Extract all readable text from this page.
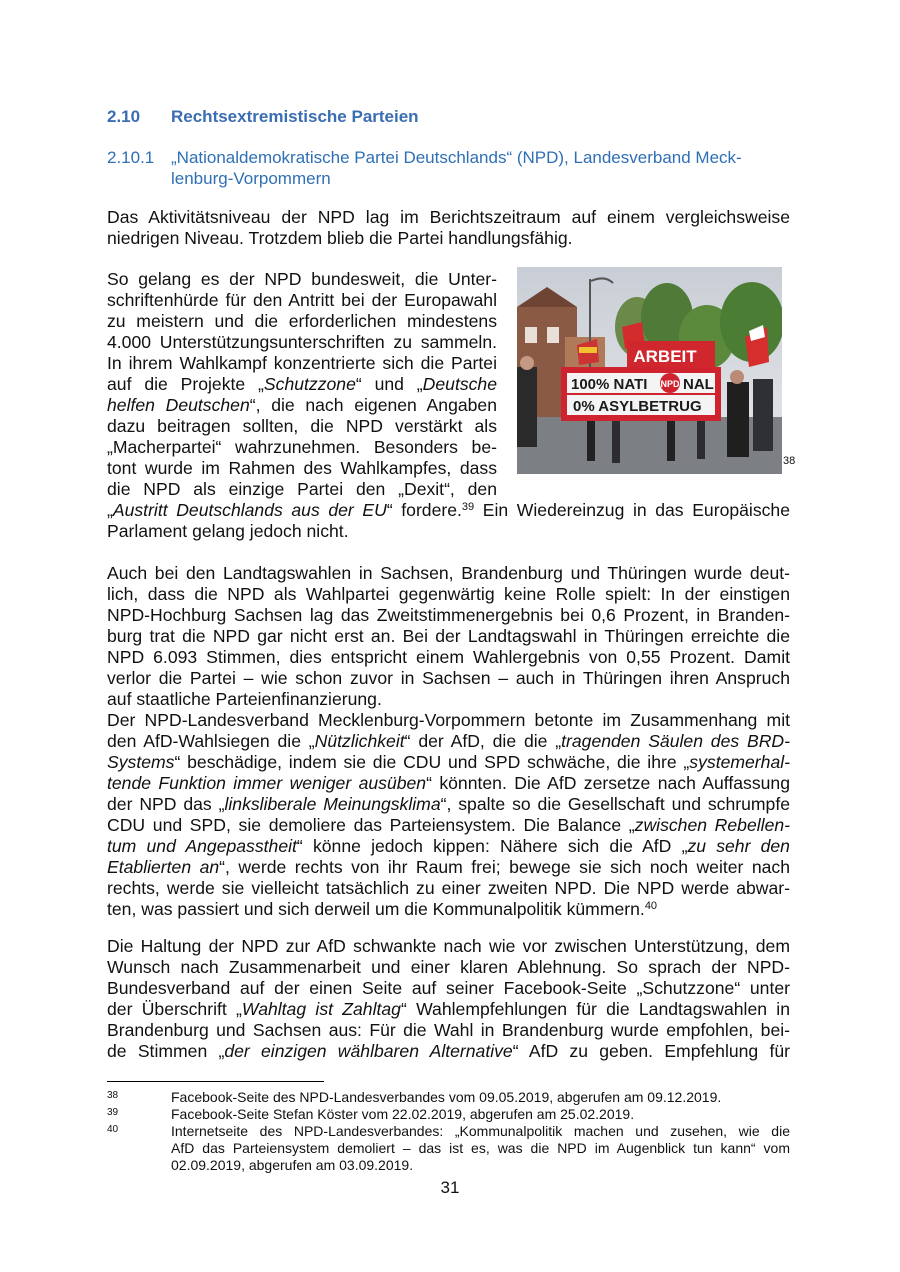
2.10 Rechtsextremistische Parteien
2.10.1 „Nationaldemokratische Partei Deutschlands“ (NPD), Landesverband Meck-
lenburg-Vorpommern
Das Aktivitätsniveau der NPD lag im Berichtszeitraum auf einem vergleichsweise
niedrigen Niveau. Trotzdem blieb die Partei handlungsfähig.
So gelang es der NPD bundesweit, die Unter-
schriftenhürde für den Antritt bei der Europawahl
zu meistern und die erforderlichen mindestens
4.000 Unterstützungsunterschriften zu sammeln.
In ihrem Wahlkampf konzentrierte sich die Partei
auf die Projekte „Schutzzone“ und „Deutsche
helfen Deutschen“, die nach eigenen Angaben
dazu beitragen sollten, die NPD verstärkt als
„Macherpartei“ wahrzunehmen. Besonders be-
tont wurde im Rahmen des Wahlkampfes, dass
die NPD als einzige Partei den „Dexit“, den
„Austritt Deutschlands aus der EU“ fordere.$^{39}$ Ein Wiedereinzug in das Europäische
Parlament gelang jedoch nicht.
ARBEIT
100% NATI NPD NAL
0% ASYLBETRUG
38
Auch bei den Landtagswahlen in Sachsen, Brandenburg und Thüringen wurde deut-
lich, dass die NPD als Wahlpartei gegenwärtig keine Rolle spielt: In der einstigen
NPD-Hochburg Sachsen lag das Zweitstimmenergebnis bei 0,6 Prozent, in Branden-
burg trat die NPD gar nicht erst an. Bei der Landtagswahl in Thüringen erreichte die
NPD 6.093 Stimmen, dies entspricht einem Wahlergebnis von 0,55 Prozent. Damit
verlor die Partei – wie schon zuvor in Sachsen – auch in Thüringen ihren Anspruch
auf staatliche Parteienfinanzierung.
Der NPD-Landesverband Mecklenburg-Vorpommern betonte im Zusammenhang mit
den AfD-Wahlsiegen die „Nützlichkeit“ der AfD, die die „tragenden Säulen des BRD-
Systems“ beschädige, indem sie die CDU und SPD schwäche, die ihre „systemerhal-
tende Funktion immer weniger ausüben“ könnten. Die AfD zersetze nach Auffassung
der NPD das „linksliberale Meinungsklima“, spalte so die Gesellschaft und schrumpfe
CDU und SPD, sie demoliere das Parteiensystem. Die Balance „zwischen Rebellen-
tum und Angepasstheit“ könne jedoch kippen: Nähere sich die AfD „zu sehr den
Etablierten an“, werde rechts von ihr Raum frei; bewege sie sich noch weiter nach
rechts, werde sie vielleicht tatsächlich zu einer zweiten NPD. Die NPD werde abwar-
ten, was passiert und sich derweil um die Kommunalpolitik kümmern.$^{40}$
Die Haltung der NPD zur AfD schwankte nach wie vor zwischen Unterstützung, dem
Wunsch nach Zusammenarbeit und einer klaren Ablehnung. So sprach der NPD-
Bundesverband auf der einen Seite auf seiner Facebook-Seite „Schutzzone“ unter
der Überschrift „Wahltag ist Zahltag“ Wahlempfehlungen für die Landtagswahlen in
Brandenburg und Sachsen aus: Für die Wahl in Brandenburg wurde empfohlen, bei-
de Stimmen „der einzigen wählbaren Alternative“ AfD zu geben. Empfehlung für
38	Facebook-Seite des NPD-Landesverbandes vom 09.05.2019, abgerufen am 09.12.2019.
39	Facebook-Seite Stefan Köster vom 22.02.2019, abgerufen am 25.02.2019.
40	Internetseite des NPD-Landesverbandes: „Kommunalpolitik machen und zusehen, wie die
AfD das Parteiensystem demoliert – das ist es, was die NPD im Augenblick tun kann“ vom
02.09.2019, abgerufen am 03.09.2019.
31
